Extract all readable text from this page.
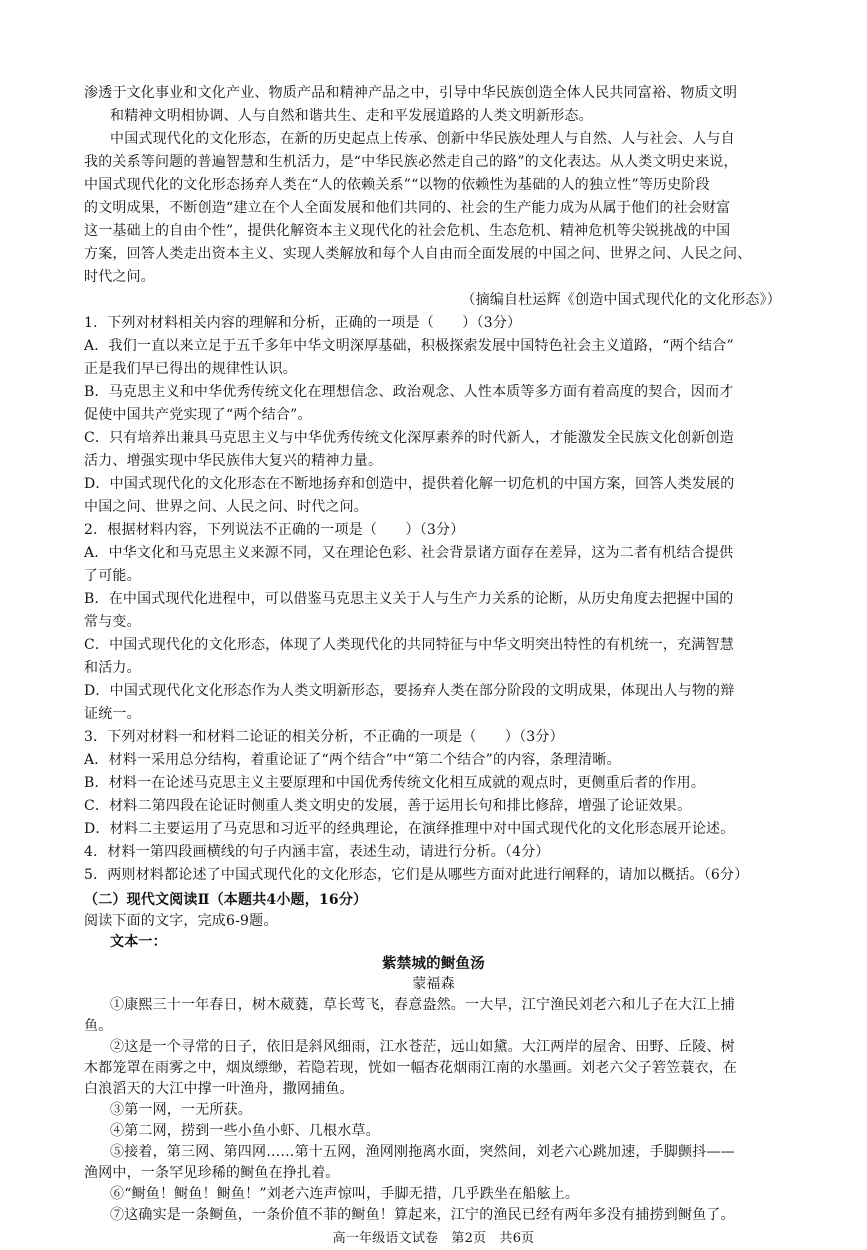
渗透于文化事业和文化产业、物质产品和精神产品之中，引导中华民族创造全体人民共同富裕、物质文明
和精神文明相协调、人与自然和谐共生、走和平发展道路的人类文明新形态。
中国式现代化的文化形态，在新的历史起点上传承、创新中华民族处理人与自然、人与社会、人与自
我的关系等问题的普遍智慧和生机活力，是“中华民族必然走自己的路”的文化表达。从人类文明史来说，
中国式现代化的文化形态扬弃人类在“人的依赖关系”“以物的依赖性为基础的人的独立性”等历史阶段
的文明成果，不断创造“建立在个人全面发展和他们共同的、社会的生产能力成为从属于他们的社会财富
这一基础上的自由个性”，提供化解资本主义现代化的社会危机、生态危机、精神危机等尖锐挑战的中国
方案，回答人类走出资本主义、实现人类解放和每个人自由而全面发展的中国之问、世界之问、人民之问、
时代之问。
（摘编自杜运辉《创造中国式现代化的文化形态》）
1．下列对材料相关内容的理解和分析，正确的一项是（　　）（3分）
A．我们一直以来立足于五千多年中华文明深厚基础，积极探索发展中国特色社会主义道路，“两个结合”
正是我们早已得出的规律性认识。
B．马克思主义和中华优秀传统文化在理想信念、政治观念、人性本质等多方面有着高度的契合，因而才
促使中国共产党实现了“两个结合”。
C．只有培养出兼具马克思主义与中华优秀传统文化深厚素养的时代新人，才能激发全民族文化创新创造
活力、增强实现中华民族伟大复兴的精神力量。
D．中国式现代化的文化形态在不断地扬弃和创造中，提供着化解一切危机的中国方案，回答人类发展的
中国之问、世界之问、人民之问、时代之问。
2．根据材料内容，下列说法不正确的一项是（　　）（3分）
A．中华文化和马克思主义来源不同，又在理论色彩、社会背景诸方面存在差异，这为二者有机结合提供
了可能。
B．在中国式现代化进程中，可以借鉴马克思主义关于人与生产力关系的论断，从历史角度去把握中国的
常与变。
C．中国式现代化的文化形态，体现了人类现代化的共同特征与中华文明突出特性的有机统一，充满智慧
和活力。
D．中国式现代化文化形态作为人类文明新形态，要扬弃人类在部分阶段的文明成果，体现出人与物的辩
证统一。
3．下列对材料一和材料二论证的相关分析，不正确的一项是（　　）（3分）
A．材料一采用总分结构，着重论证了“两个结合”中“第二个结合”的内容，条理清晰。
B．材料一在论述马克思主义主要原理和中国优秀传统文化相互成就的观点时，更侧重后者的作用。
C．材料二第四段在论证时侧重人类文明史的发展，善于运用长句和排比修辞，增强了论证效果。
D．材料二主要运用了马克思和习近平的经典理论，在演绎推理中对中国式现代化的文化形态展开论述。
4．材料一第四段画横线的句子内涵丰富，表述生动，请进行分析。（4分）
5．两则材料都论述了中国式现代化的文化形态，它们是从哪些方面对此进行阐释的，请加以概括。（6分）
（二）现代文阅读Ⅱ（本题共4小题，16分）
阅读下面的文字，完成6-9题。
文本一：
紫禁城的鲥鱼汤
蒙福森
①康熙三十一年春日，树木葳蕤，草长莺飞，春意盎然。一大早，江宁渔民刘老六和儿子在大江上捕
鱼。
②这是一个寻常的日子，依旧是斜风细雨，江水苍茫，远山如黛。大江两岸的屋舍、田野、丘陵、树
木都笼罩在雨雾之中，烟岚缥缈，若隐若现，恍如一幅杏花烟雨江南的水墨画。刘老六父子箬笠蓑衣，在
白浪滔天的大江中撑一叶渔舟，撒网捕鱼。
③第一网，一无所获。
④第二网，捞到一些小鱼小虾、几根水草。
⑤接着，第三网、第四网……第十五网，渔网刚拖离水面，突然间，刘老六心跳加速，手脚颤抖——
渔网中，一条罕见珍稀的鲥鱼在挣扎着。
⑥“鲥鱼！鲥鱼！鲥鱼！”刘老六连声惊叫，手脚无措，几乎跌坐在船舷上。
⑦这确实是一条鲥鱼，一条价值不菲的鲥鱼！算起来，江宁的渔民已经有两年多没有捕捞到鲥鱼了。
高一年级语文试卷　第2页　共6页
